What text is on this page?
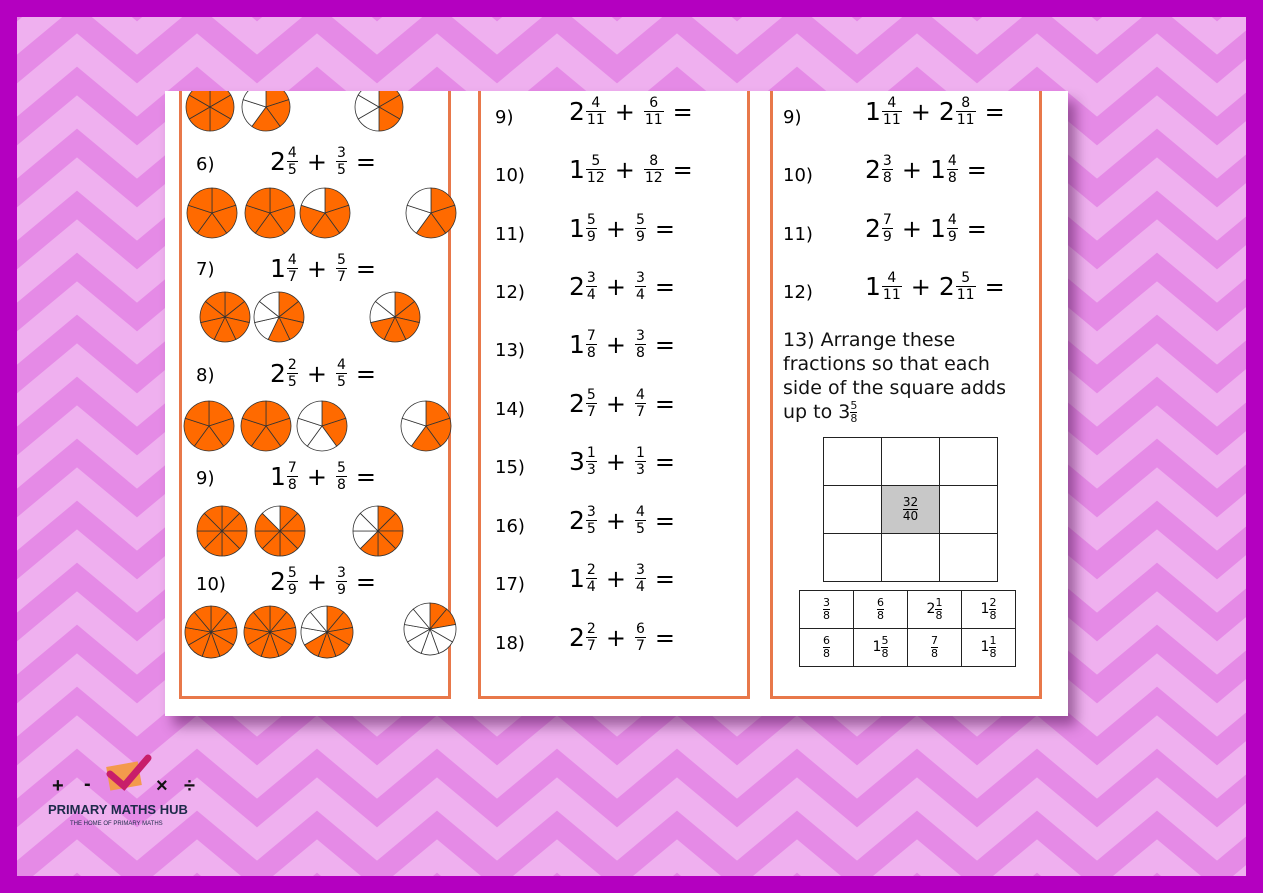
6) $2 \frac{4}{5} + \frac{3}{5}$ =
7) $1 \frac{4}{7} + \frac{5}{7}$ =
8) $2 \frac{2}{5} + \frac{4}{5}$ =
9) $1 \frac{7}{8} + \frac{5}{8}$ =
10) $2 \frac{5}{9} + \frac{3}{9}$ =
9) $2 \frac{4}{11} + \frac{6}{11}$ =
10) $1 \frac{5}{12} + \frac{8}{12}$ =
11) $1 \frac{5}{9} + \frac{5}{9}$ =
12) $2 \frac{3}{4} + \frac{3}{4}$ =
13) $1 \frac{7}{8} + \frac{3}{8}$ =
14) $2 \frac{5}{7} + \frac{4}{7}$ =
15) $3 \frac{1}{3} + \frac{1}{3}$ =
16) $2 \frac{3}{5} + \frac{4}{5}$ =
17) $1 \frac{2}{4} + \frac{3}{4}$ =
18) $2 \frac{2}{7} + \frac{6}{7}$ =
9)	$1 \frac{4}{11} + 2 \frac{8}{11}$ =
10) $2 \frac{3}{8} + 1 \frac{4}{8}$ =
11) $2 \frac{7}{9} + 1 \frac{4}{9}$ =
12) $1 \frac{4}{11} + 2 \frac{5}{11}$ =
13) Arrange these
fractions so that each
side of the square adds
up to $3 \frac{5}{8}$

	$\frac{32}{40}$

$\frac{3}{8}$	$\frac{6}{8}$	$2 \frac{1}{8}$	$1 \frac{2}{8}$

$\frac{6}{8}$	$1 \frac{5}{8}$	$\frac{7}{8}$	$1 \frac{1}{8}$
+ -	× ÷
PRIMARY MATHS HUB
THE HOME OF PRIMARY MATHS
